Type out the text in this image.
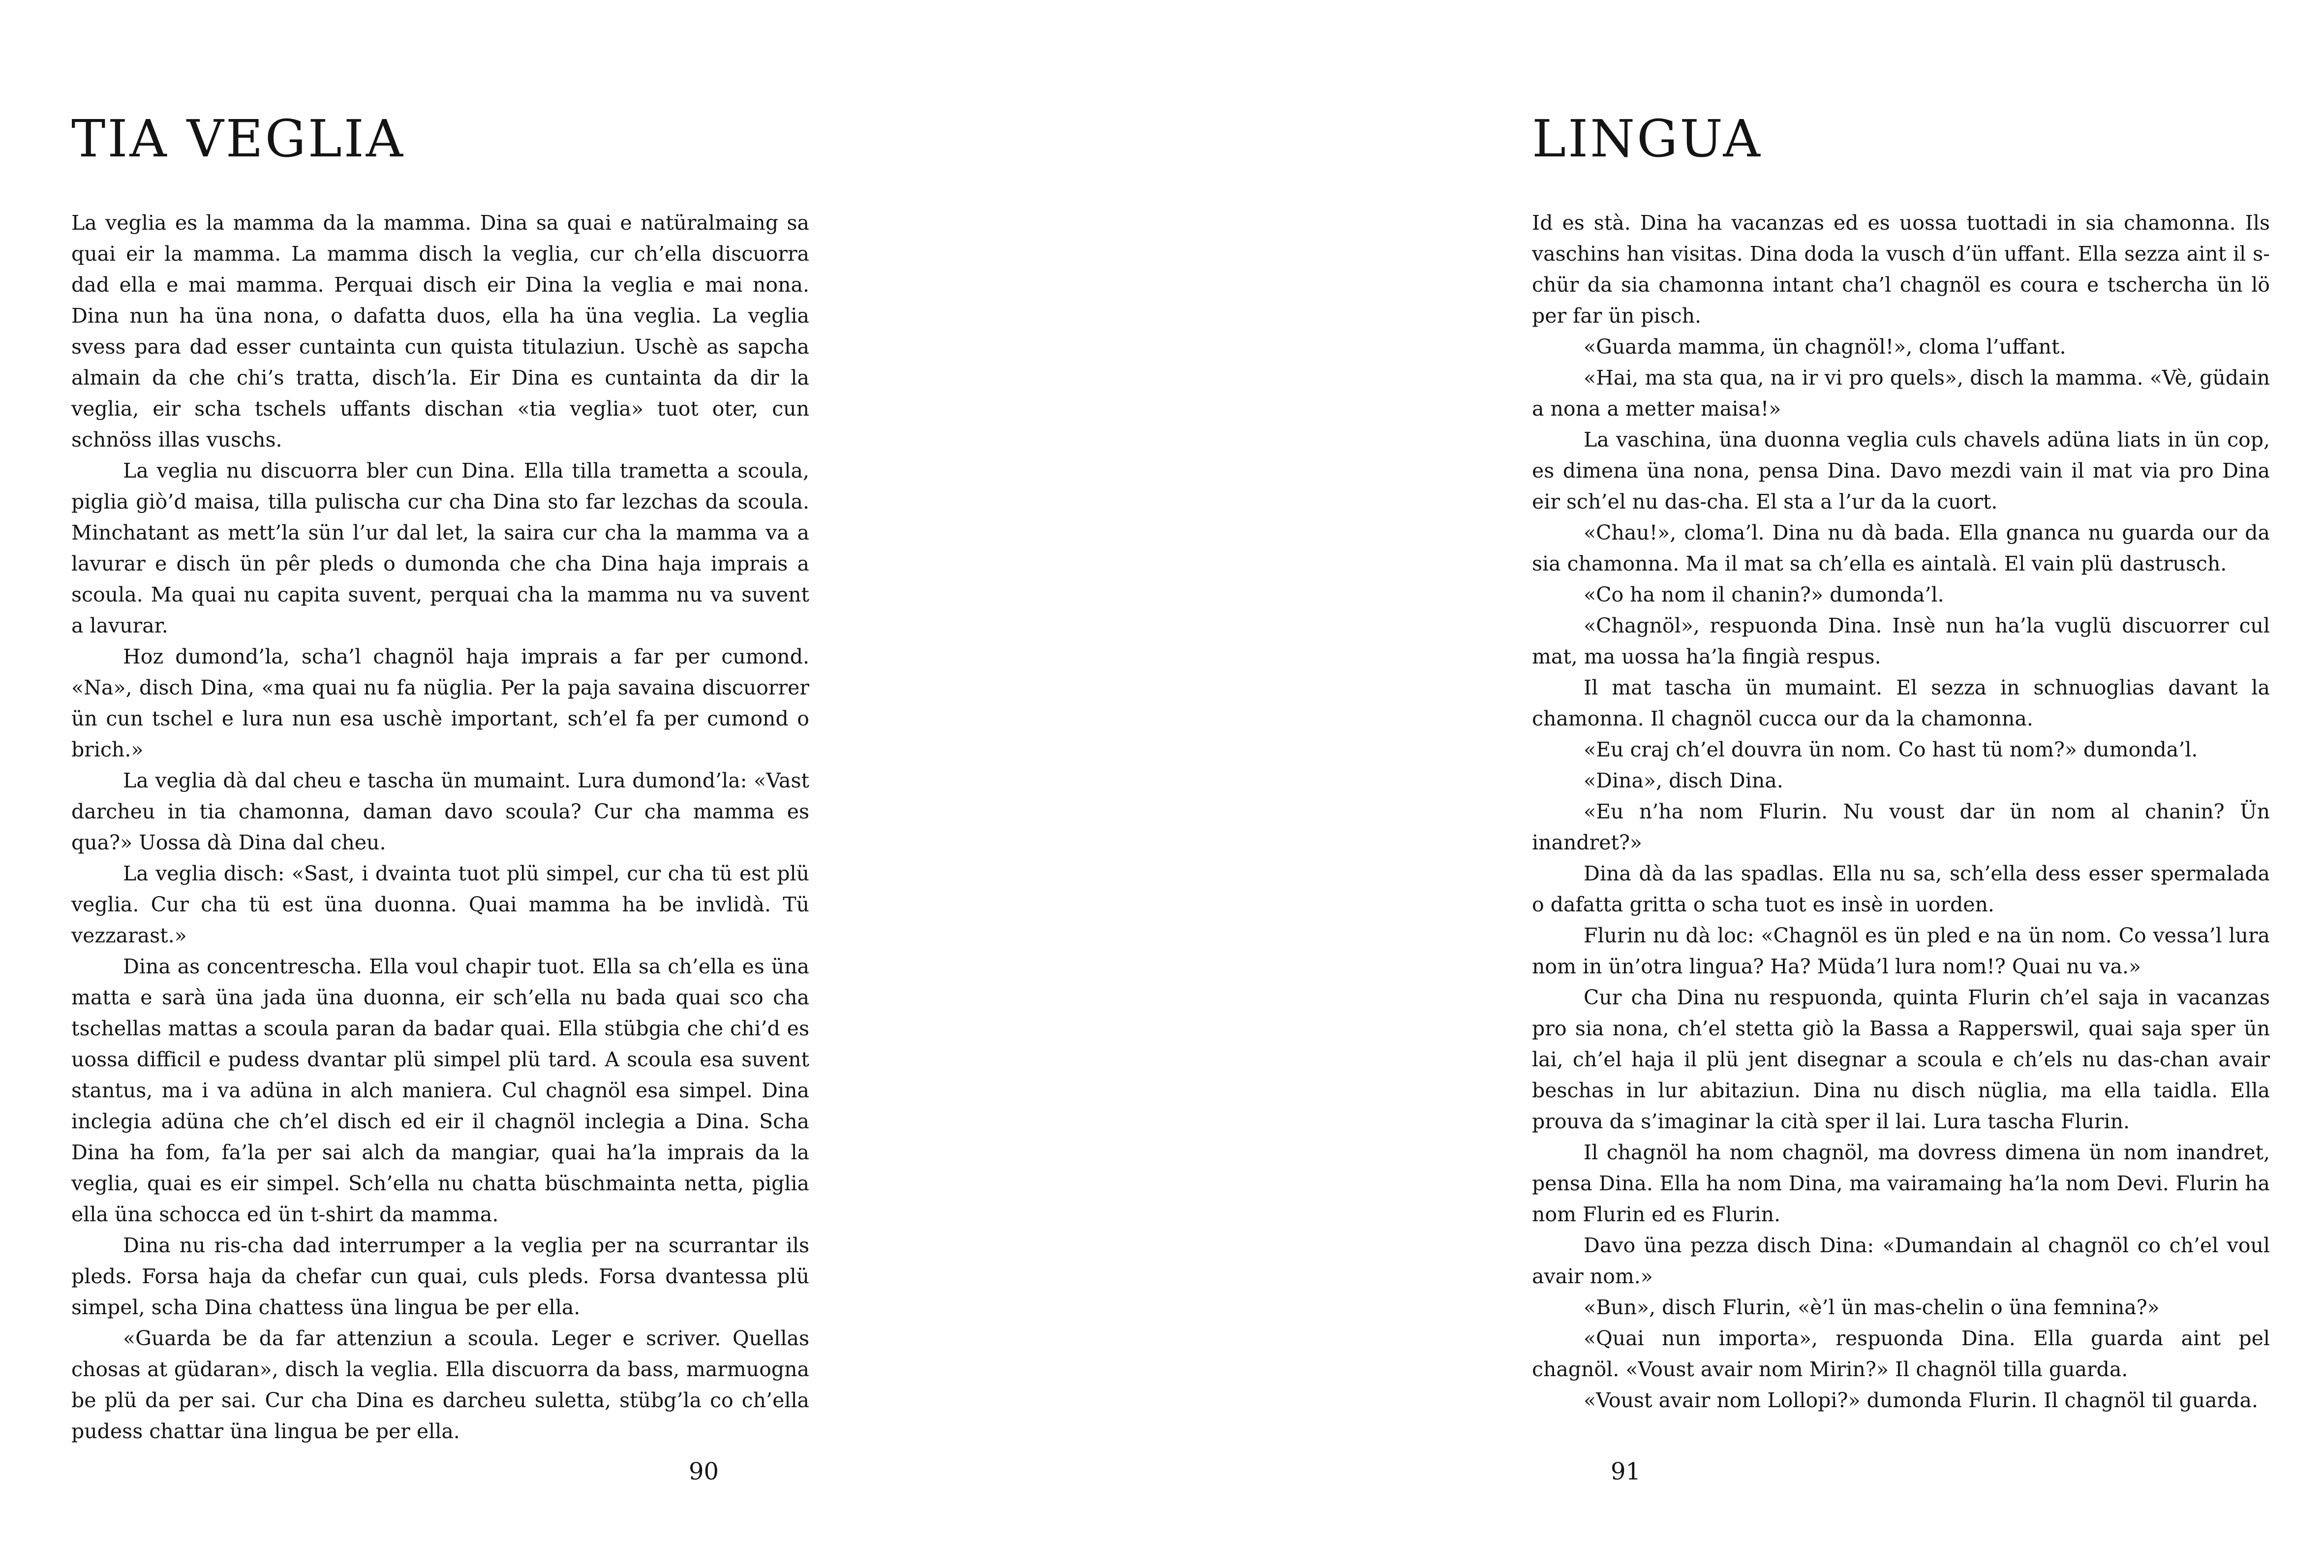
TIA VEGLIA

La veglia es la mamma da la mamma. Dina sa quai e natüralmaing sa quai eir la mamma. La mamma disch la veglia, cur ch’ella discuorra dad ella e mai mamma. Perquai disch eir Dina la veglia e mai nona. Dina nun ha üna nona, o dafatta duos, ella ha üna veglia. La veglia svess para dad esser cuntainta cun quista titulaziun. Uschè as sapcha almain da che chi’s tratta, disch’la. Eir Dina es cuntainta da dir la veglia, eir scha tschels uffants dischan «tia veglia» tuot oter, cun schnöss illas vuschs.

La veglia nu discuorra bler cun Dina. Ella tilla trametta a scoula, piglia giò’d maisa, tilla pulischa cur cha Dina sto far lezchas da scoula. Minchatant as mett’la sün l’ur dal let, la saira cur cha la mamma va a lavurar e disch ün pêr pleds o dumonda che cha Dina haja imprais a scoula. Ma quai nu capita suvent, perquai cha la mamma nu va suvent a lavurar.

Hoz dumond’la, scha’l chagnöl haja imprais a far per cumond. «Na», disch Dina, «ma quai nu fa nüglia. Per la paja savaina discuorrer ün cun tschel e lura nun esa uschè important, sch’el fa per cumond o brich.»

La veglia dà dal cheu e tascha ün mumaint. Lura dumond’la: «Vast darcheu in tia chamonna, daman davo scoula? Cur cha mamma es qua?» Uossa dà Dina dal cheu.

La veglia disch: «Sast, i dvainta tuot plü simpel, cur cha tü est plü veglia. Cur cha tü est üna duonna. Quai mamma ha be invlidà. Tü vezzarast.»

Dina as concentrescha. Ella voul chapir tuot. Ella sa ch’ella es üna matta e sarà üna jada üna duonna, eir sch’ella nu bada quai sco cha tschellas mattas a scoula paran da badar quai. Ella stübgia che chi’d es uossa difficil e pudess dvantar plü simpel plü tard. A scoula esa suvent stantus, ma i va adüna in alch maniera. Cul chagnöl esa simpel. Dina inclegia adüna che ch’el disch ed eir il chagnöl inclegia a Dina. Scha Dina ha fom, fa’la per sai alch da mangiar, quai ha’la imprais da la veglia, quai es eir simpel. Sch’ella nu chatta büschmainta netta, piglia ella üna schocca ed ün t-shirt da mamma.

Dina nu ris-cha dad interrumper a la veglia per na scurrantar ils pleds. Forsa haja da chefar cun quai, culs pleds. Forsa dvantessa plü simpel, scha Dina chattess üna lingua be per ella.

«Guarda be da far attenziun a scoula. Leger e scriver. Quellas chosas at güdaran», disch la veglia. Ella discuorra da bass, marmuogna be plü da per sai. Cur cha Dina es darcheu suletta, stübg’la co ch’ella pudess chattar üna lingua be per ella.

90
LINGUA

Id es stà. Dina ha vacanzas ed es uossa tuottadi in sia chamonna. Ils vaschins han visitas. Dina doda la vusch d’ün uffant. Ella sezza aint il s-chür da sia chamonna intant cha’l chagnöl es coura e tschercha ün lö per far ün pisch.

«Guarda mamma, ün chagnöl!», cloma l’uffant.

«Hai, ma sta qua, na ir vi pro quels», disch la mamma. «Vè, güdain a nona a metter maisa!»

La vaschina, üna duonna veglia culs chavels adüna liats in ün cop, es dimena üna nona, pensa Dina. Davo mezdi vain il mat via pro Dina eir sch’el nu das-cha. El sta a l’ur da la cuort.

«Chau!», cloma’l. Dina nu dà bada. Ella gnanca nu guarda our da sia chamonna. Ma il mat sa ch’ella es aintalà. El vain plü dastrusch.

«Co ha nom il chanin?» dumonda’l.

«Chagnöl», respuonda Dina. Insè nun ha’la vuglü discuorrer cul mat, ma uossa ha’la fingià respus.

Il mat tascha ün mumaint. El sezza in schnuoglias davant la chamonna. Il chagnöl cucca our da la chamonna.

«Eu craj ch’el douvra ün nom. Co hast tü nom?» dumonda’l.

«Dina», disch Dina.

«Eu n’ha nom Flurin. Nu voust dar ün nom al chanin? Ün inandret?»

Dina dà da las spadlas. Ella nu sa, sch’ella dess esser spermalada o dafatta gritta o scha tuot es insè in uorden.

Flurin nu dà loc: «Chagnöl es ün pled e na ün nom. Co vessa’l lura nom in ün’otra lingua? Ha? Müda’l lura nom!? Quai nu va.»

Cur cha Dina nu respuonda, quinta Flurin ch’el saja in vacanzas pro sia nona, ch’el stetta giò la Bassa a Rapperswil, quai saja sper ün lai, ch’el haja il plü jent disegnar a scoula e ch’els nu das-chan avair beschas in lur abitaziun. Dina nu disch nüglia, ma ella taidla. Ella prouva da s’imaginar la cità sper il lai. Lura tascha Flurin.

Il chagnöl ha nom chagnöl, ma dovress dimena ün nom inandret, pensa Dina. Ella ha nom Dina, ma vairamaing ha’la nom Devi. Flurin ha nom Flurin ed es Flurin.

Davo üna pezza disch Dina: «Dumandain al chagnöl co ch’el voul avair nom.»

«Bun», disch Flurin, «è’l ün mas-chelin o üna femnina?»

«Quai nun importa», respuonda Dina. Ella guarda aint pel chagnöl. «Voust avair nom Mirin?» Il chagnöl tilla guarda.

«Voust avair nom Lollopi?» dumonda Flurin. Il chagnöl til guarda.

91
